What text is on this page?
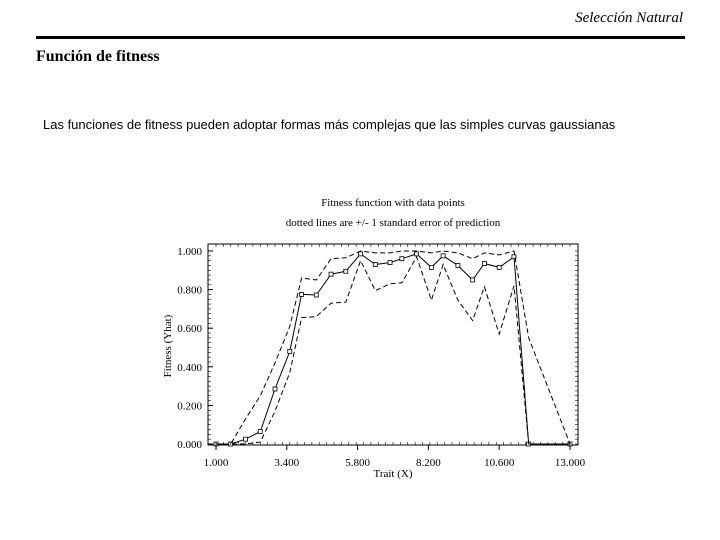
Selección Natural
Función de fitness
Las funciones de fitness pueden adoptar formas más complejas que las simples curvas gaussianas
Fitness function with data points
dotted lines are +/- 1 standard error of prediction
0.000
0.200
0.400
0.600
0.800
1.000
1.000	3.400	5.800	8.200	10.600	13.000
Trait (X)
Fitness (Yhat)
